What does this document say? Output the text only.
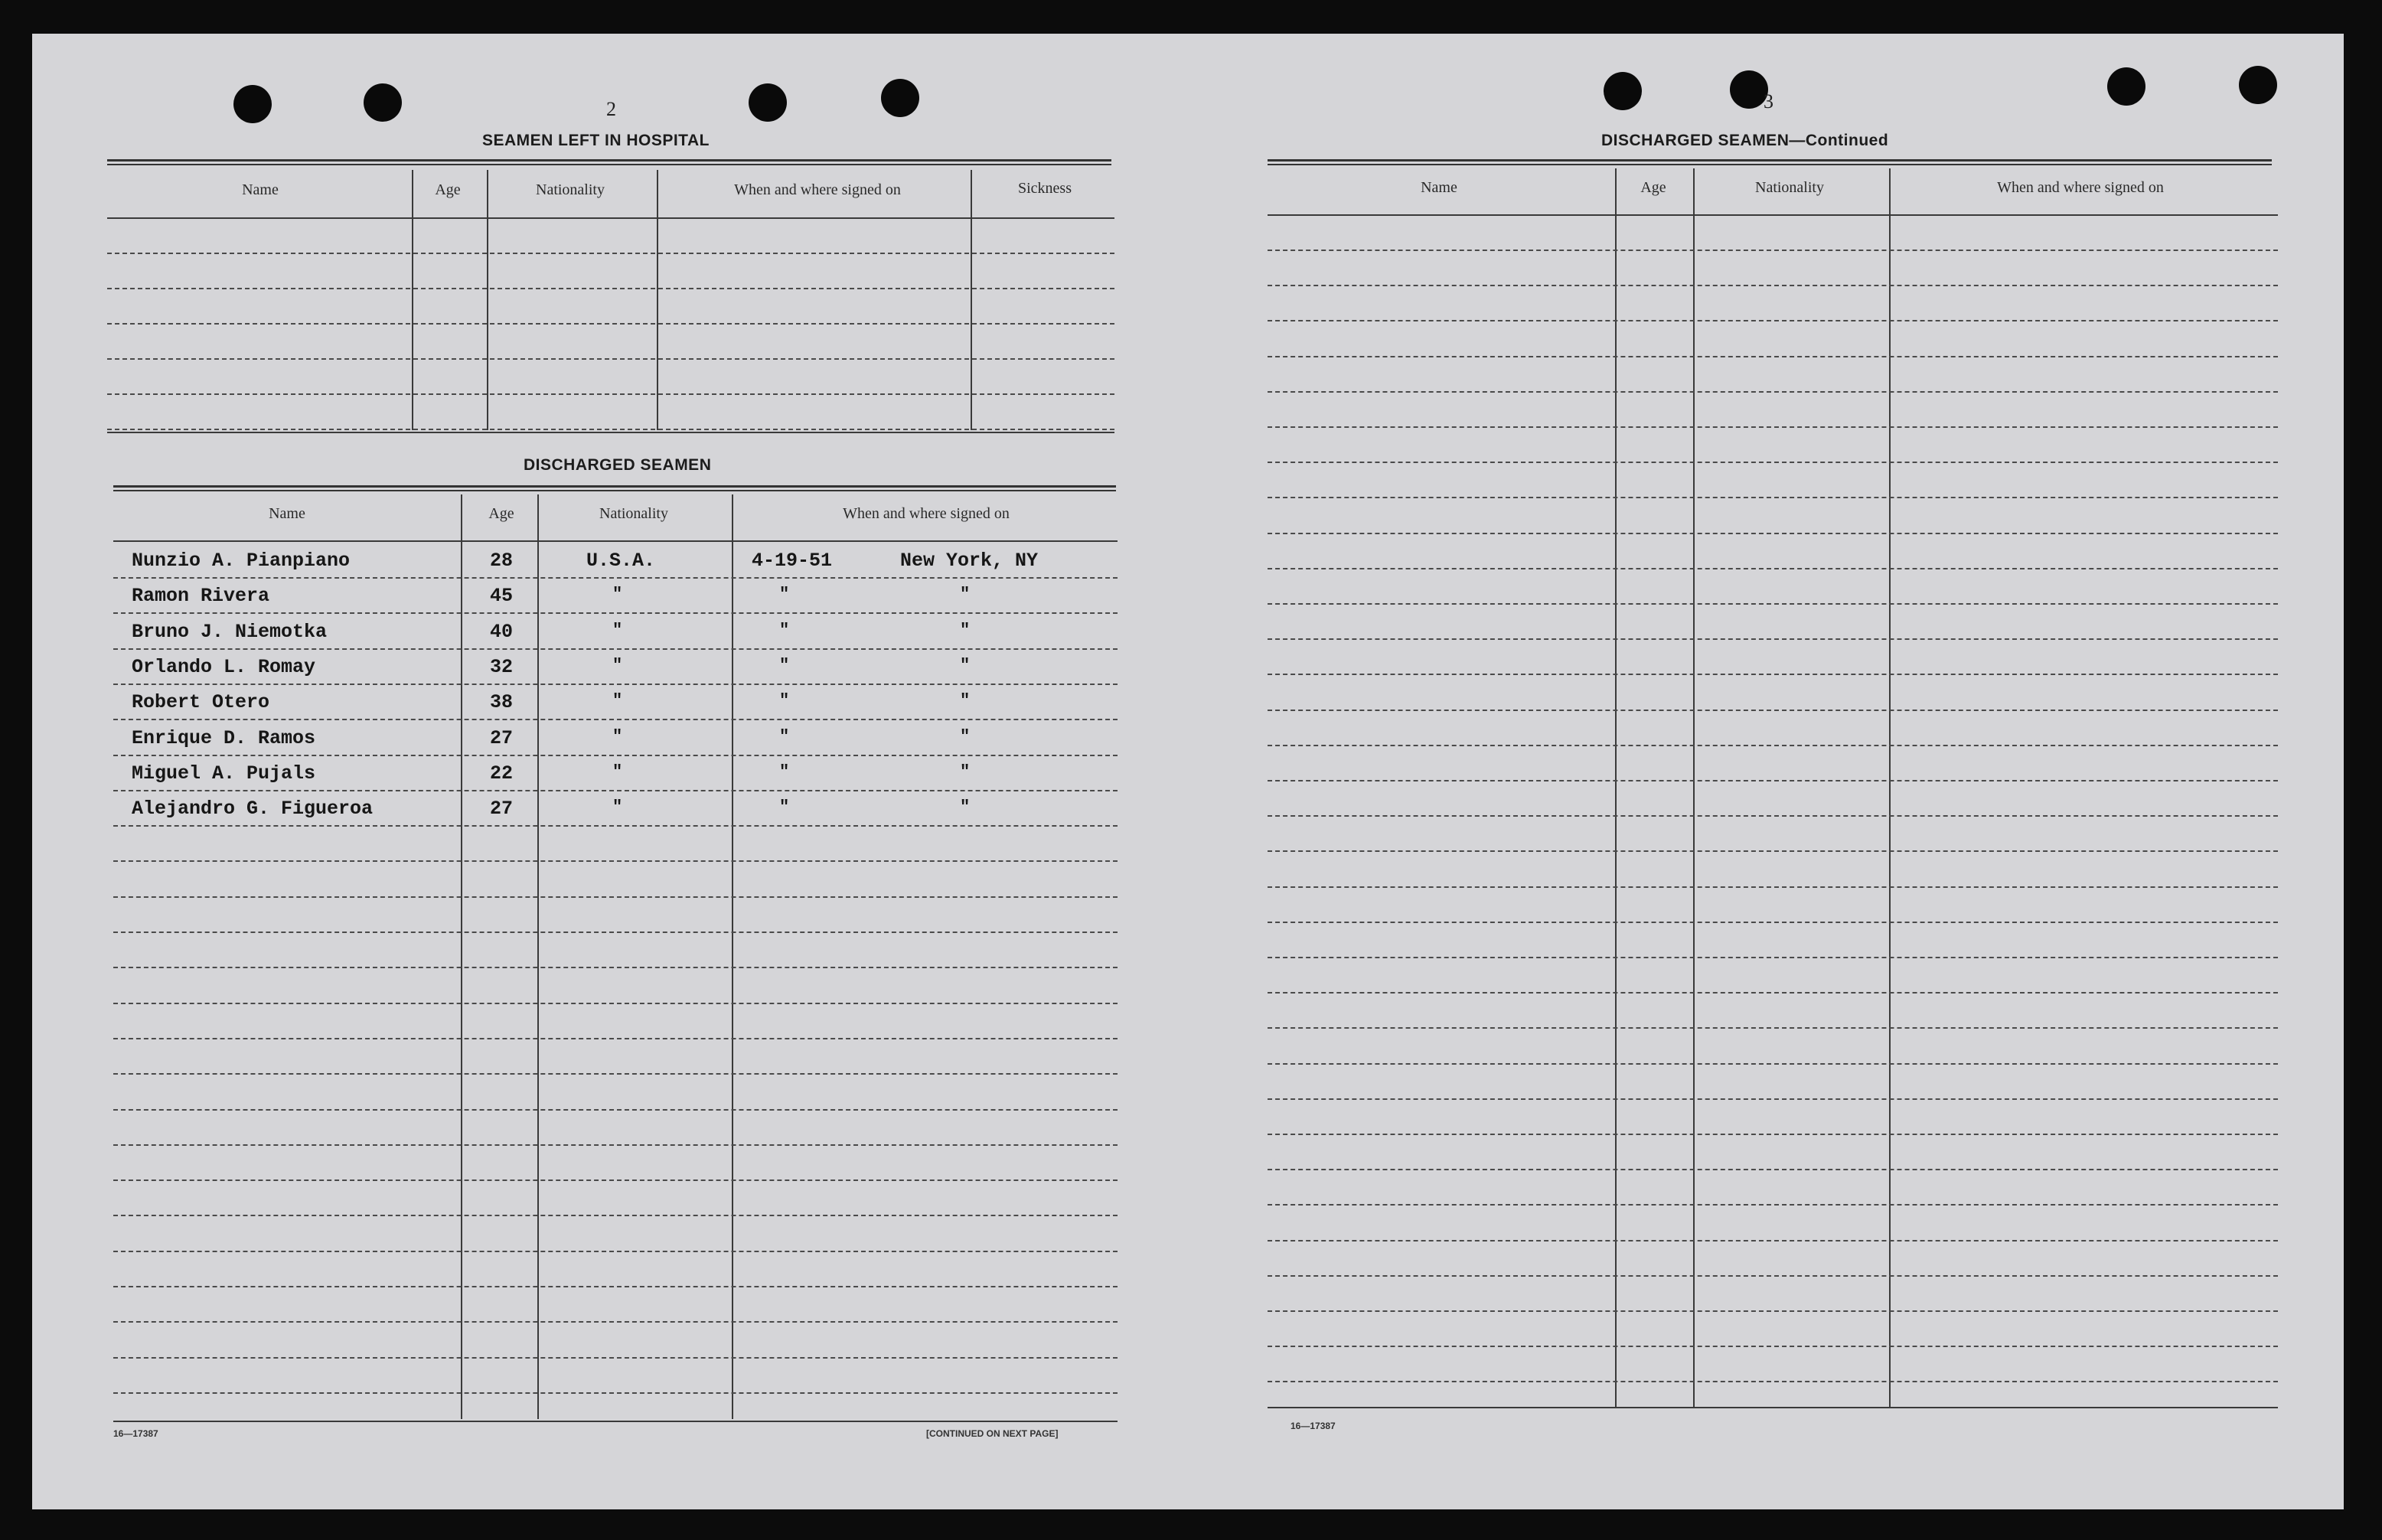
2
SEAMEN LEFT IN HOSPITAL
Name	Age	Nationality	When and where signed on	Sickness
DISCHARGED SEAMEN
Name	Age	Nationality	When and where signed on
Nunzio A. Pianpiano	28	U.S.A.	4-19-51	New York, NY
Ramon Rivera	45	"	"	"
Bruno J. Niemotka	40	"	"	"
Orlando L. Romay	32	"	"	"
Robert Otero	38	"	"	"
Enrique D. Ramos	27	"	"	"
Miguel A. Pujals	22	"	"	"
Alejandro G. Figueroa	27	"	"	"
16—17387	[CONTINUED ON NEXT PAGE]
3
DISCHARGED SEAMEN—Continued
Name	Age	Nationality	When and where signed on
16—17387
